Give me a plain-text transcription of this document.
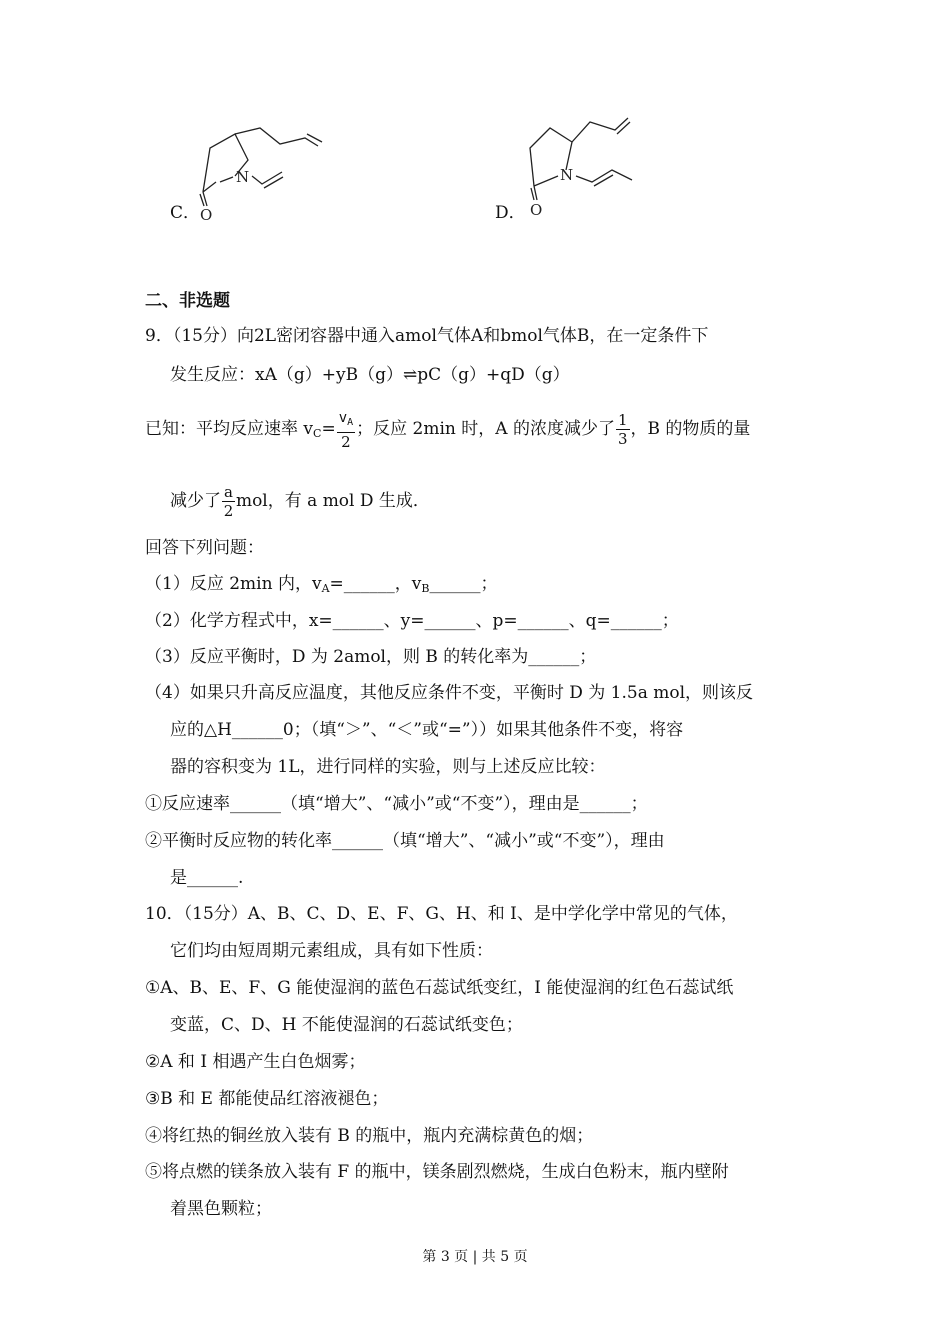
C．
N
O	D．
N
O
二、非选题
9．（15分）向2L密闭容器中通入amol气体A和bmol气体B，在一定条件下
发生反应：xA（g）+yB（g）⇌pC（g）+qD（g）
已知：平均反应速率 $v_C= \frac{v_A}{2}$ ；反应 2min 时，A 的浓度减少了 $\frac{1}{3}$ ，B 的物质的量
减少了 $\frac{a}{2}$ mol，有 a mol D 生成．
回答下列问题：
（1）反应 2min 内，$v_A=\_\_\_\_\_\_$，$v_B\_\_\_\_\_\_$；
（2）化学方程式中，x=______、y=______、p=______、q=______；
（3）反应平衡时，D 为 2amol，则 B 的转化率为______；
（4）如果只升高反应温度，其他反应条件不变，平衡时 D 为 1.5a mol，则该反
应的△H______0；（填“＞”、“＜”或“=”））如果其他条件不变，将容
器的容积变为 1L，进行同样的实验，则与上述反应比较：
①反应速率______（填“增大”、“减小”或“不变”），理由是______；
②平衡时反应物的转化率______（填“增大”、“减小”或“不变”），理由
是______.
10．（15分）A、B、C、D、E、F、G、H、和 I、是中学化学中常见的气体，
它们均由短周期元素组成，具有如下性质：
①A、B、E、F、G 能使湿润的蓝色石蕊试纸变红，I 能使湿润的红色石蕊试纸
变蓝，C、D、H 不能使湿润的石蕊试纸变色；
②A 和 I 相遇产生白色烟雾；
③B 和 E 都能使品红溶液褪色；
④将红热的铜丝放入装有 B 的瓶中，瓶内充满棕黄色的烟；
⑤将点燃的镁条放入装有 F 的瓶中，镁条剧烈燃烧，生成白色粉末，瓶内壁附
着黑色颗粒；
第 3 页 | 共 5 页
